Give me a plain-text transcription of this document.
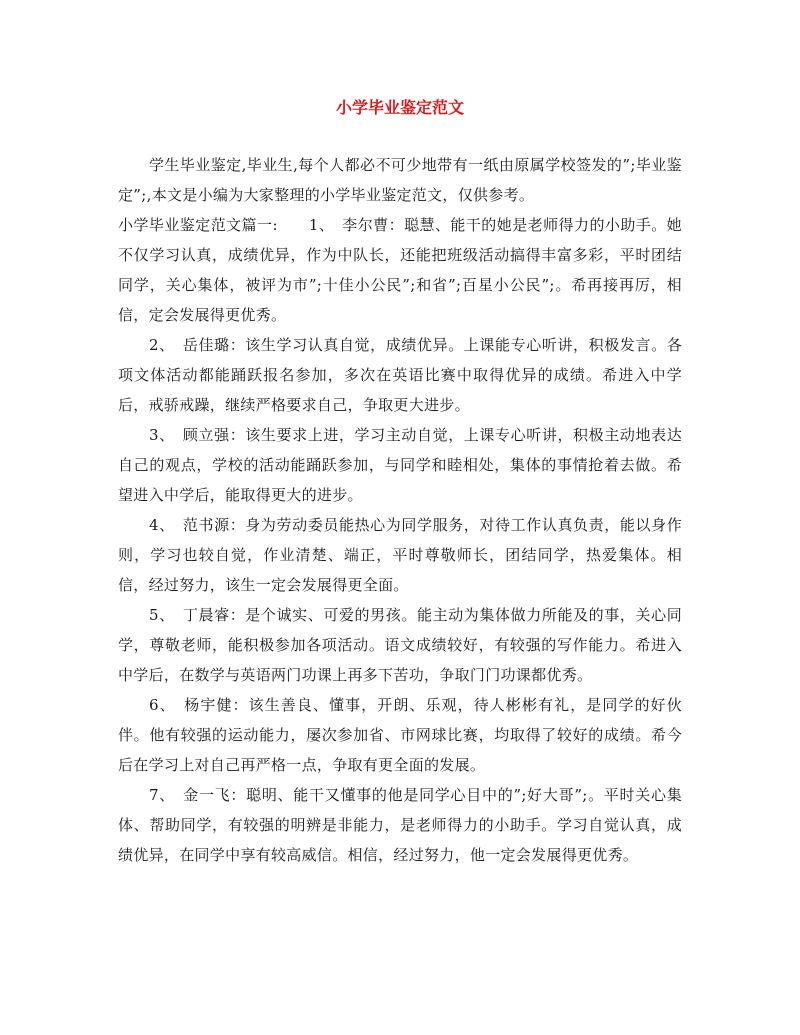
小学毕业鉴定范文

学生毕业鉴定,毕业生,每个人都必不可少地带有一纸由原属学校签发的”;毕业鉴定”;,本文是小编为大家整理的小学毕业鉴定范文，仅供参考。

小学毕业鉴定范文篇一:　　1、　李尔曹：聪慧、能干的她是老师得力的小助手。她不仅学习认真，成绩优异，作为中队长，还能把班级活动搞得丰富多彩，平时团结同学，关心集体，被评为市”;十佳小公民”;和省”;百星小公民”;。希再接再厉，相信，定会发展得更优秀。

2、　岳佳璐：该生学习认真自觉，成绩优异。上课能专心听讲，积极发言。各项文体活动都能踊跃报名参加，多次在英语比赛中取得优异的成绩。希进入中学后，戒骄戒躁，继续严格要求自己，争取更大进步。

3、　顾立强：该生要求上进，学习主动自觉，上课专心听讲，积极主动地表达自己的观点，学校的活动能踊跃参加，与同学和睦相处，集体的事情抢着去做。希望进入中学后，能取得更大的进步。

4、　范书源：身为劳动委员能热心为同学服务，对待工作认真负责，能以身作则，学习也较自觉，作业清楚、端正，平时尊敬师长，团结同学，热爱集体。相信，经过努力，该生一定会发展得更全面。

5、　丁晨睿：是个诚实、可爱的男孩。能主动为集体做力所能及的事，关心同学，尊敬老师，能积极参加各项活动。语文成绩较好，有较强的写作能力。希进入中学后，在数学与英语两门功课上再多下苦功，争取门门功课都优秀。

6、　杨宇健：该生善良、懂事，开朗、乐观，待人彬彬有礼，是同学的好伙伴。他有较强的运动能力，屡次参加省、市网球比赛，均取得了较好的成绩。希今后在学习上对自己再严格一点，争取有更全面的发展。

7、　金一飞：聪明、能干又懂事的他是同学心目中的”;好大哥”;。平时关心集体、帮助同学，有较强的明辨是非能力，是老师得力的小助手。学习自觉认真，成绩优异，在同学中享有较高威信。相信，经过努力，他一定会发展得更优秀。
